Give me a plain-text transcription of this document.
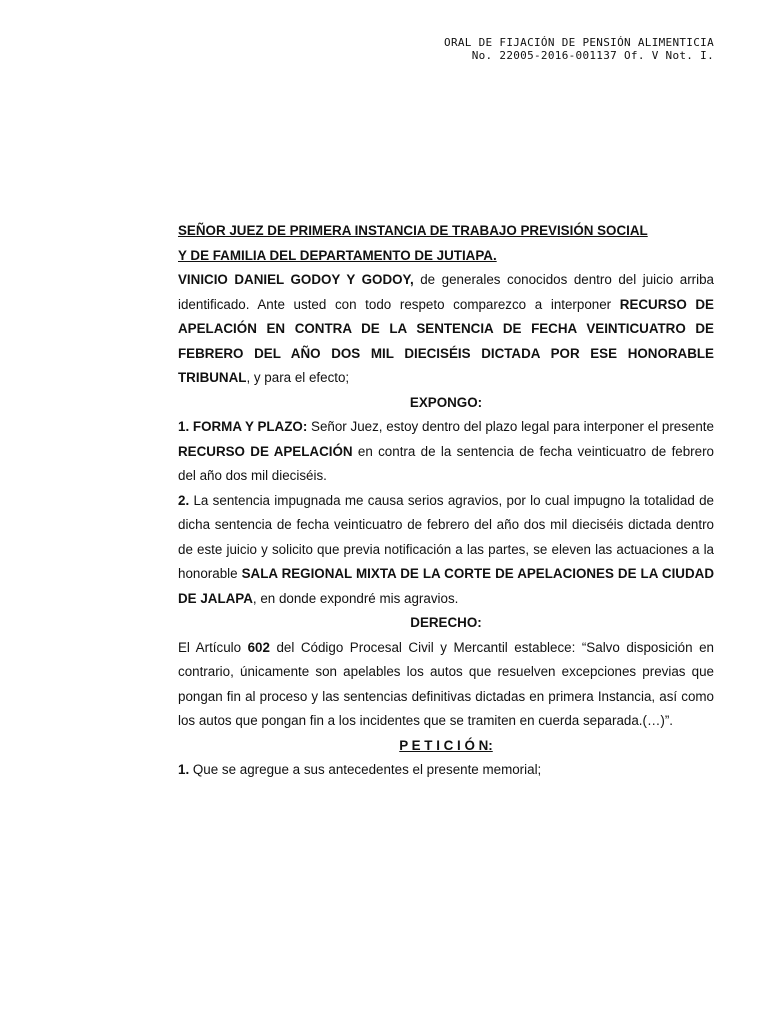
ORAL DE FIJACIÓN DE PENSIÓN ALIMENTICIA
No. 22005-2016-001137 Of. V Not. I.

SEÑOR JUEZ DE PRIMERA INSTANCIA DE TRABAJO PREVISIÓN SOCIAL
Y DE FAMILIA DEL DEPARTAMENTO DE JUTIAPA.

VINICIO DANIEL GODOY Y GODOY, de generales conocidos dentro del juicio arriba identificado. Ante usted con todo respeto comparezco a interponer RECURSO DE APELACIÓN EN CONTRA DE LA SENTENCIA DE FECHA VEINTICUATRO DE FEBRERO DEL AÑO DOS MIL DIECISÉIS DICTADA POR ESE HONORABLE TRIBUNAL, y para el efecto;

EXPONGO:

1. FORMA Y PLAZO: Señor Juez, estoy dentro del plazo legal para interponer el presente RECURSO DE APELACIÓN en contra de la sentencia de fecha veinticuatro de febrero del año dos mil dieciséis.

2. La sentencia impugnada me causa serios agravios, por lo cual impugno la totalidad de dicha sentencia de fecha veinticuatro de febrero del año dos mil dieciséis dictada dentro de este juicio y solicito que previa notificación a las partes, se eleven las actuaciones a la honorable SALA REGIONAL MIXTA DE LA CORTE DE APELACIONES DE LA CIUDAD DE JALAPA, en donde expondré mis agravios.

DERECHO:

El Artículo 602 del Código Procesal Civil y Mercantil establece: “Salvo disposición en contrario, únicamente son apelables los autos que resuelven excepciones previas que pongan fin al proceso y las sentencias definitivas dictadas en primera Instancia, así como los autos que pongan fin a los incidentes que se tramiten en cuerda separada.(…)”.

P E T I C I Ó N:

1. Que se agregue a sus antecedentes el presente memorial;
